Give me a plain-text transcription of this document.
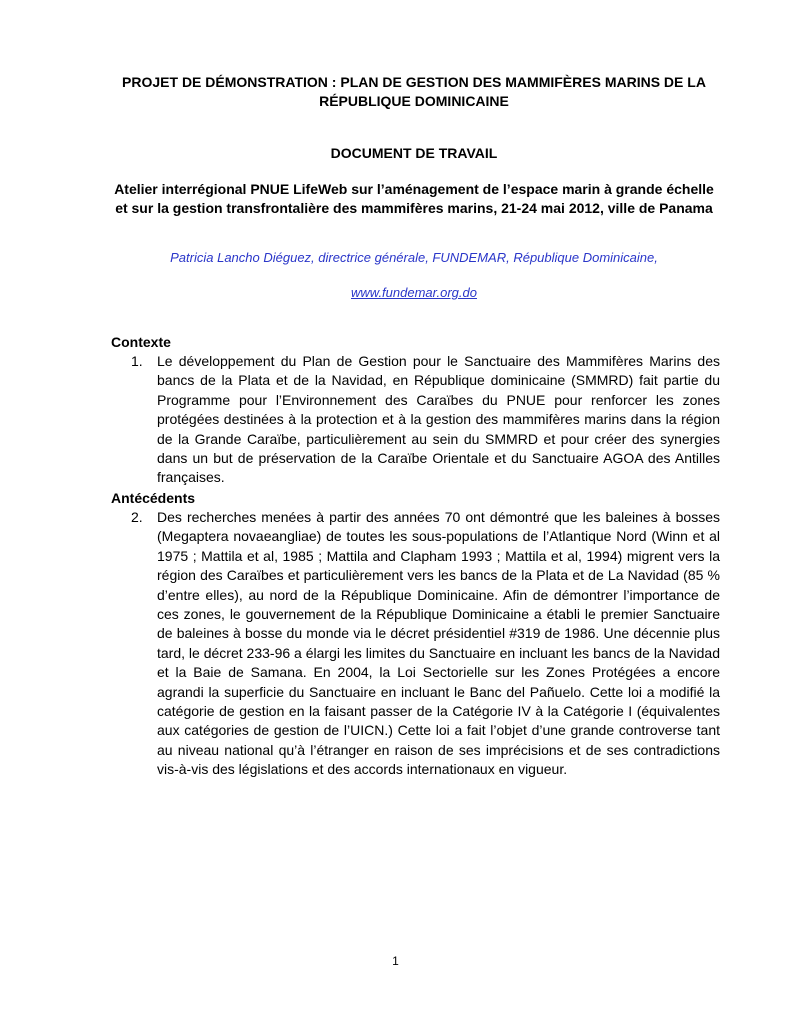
PROJET DE DÉMONSTRATION : PLAN DE GESTION DES MAMMIFÈRES MARINS DE LA RÉPUBLIQUE DOMINICAINE
DOCUMENT DE TRAVAIL
Atelier interrégional PNUE LifeWeb sur l’aménagement de l’espace marin à grande échelle et sur la gestion transfrontalière des mammifères marins, 21-24 mai 2012, ville de Panama

Patricia Lancho Diéguez, directrice générale, FUNDEMAR, République Dominicaine,

www.fundemar.org.do

Contexte
1.	Le développement du Plan de Gestion pour le Sanctuaire des Mammifères Marins des bancs de la Plata et de la Navidad, en République dominicaine (SMMRD) fait partie du Programme pour l’Environnement des Caraïbes du PNUE pour renforcer les zones protégées destinées à la protection et à la gestion des mammifères marins dans la région de la Grande Caraïbe, particulièrement au sein du SMMRD et pour créer des synergies dans un but de préservation de la Caraïbe Orientale et du Sanctuaire AGOA des Antilles françaises.
Antécédents
2.	Des recherches menées à partir des années 70 ont démontré que les baleines à bosses (Megaptera novaeangliae) de toutes les sous-populations de l’Atlantique Nord (Winn et al 1975 ; Mattila et al, 1985 ; Mattila and Clapham 1993 ; Mattila et al, 1994) migrent vers la région des Caraïbes et particulièrement vers les bancs de la Plata et de La Navidad (85 % d’entre elles), au nord de la République Dominicaine. Afin de démontrer l’importance de ces zones, le gouvernement de la République Dominicaine a établi le premier Sanctuaire de baleines à bosse du monde via le décret présidentiel #319 de 1986. Une décennie plus tard, le décret 233-96 a élargi les limites du Sanctuaire en incluant les bancs de la Navidad et la Baie de Samana. En 2004, la Loi Sectorielle sur les Zones Protégées a encore agrandi la superficie du Sanctuaire en incluant le Banc del Pañuelo. Cette loi a modifié la catégorie de gestion en la faisant passer de la Catégorie IV à la Catégorie I (équivalentes aux catégories de gestion de l’UICN.) Cette loi a fait l’objet d’une grande controverse tant au niveau national qu’à l’étranger en raison de ses imprécisions et de ses contradictions vis-à-vis des législations et des accords internationaux en vigueur.
1
